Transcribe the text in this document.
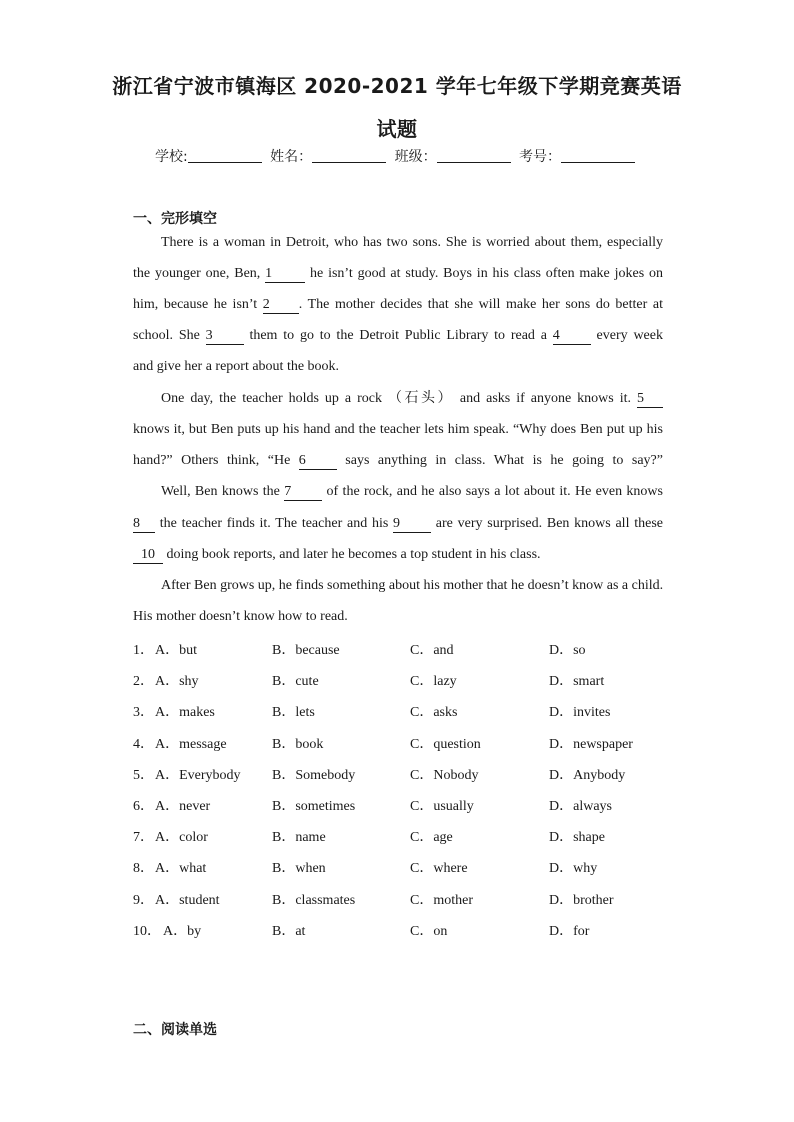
浙江省宁波市镇海区 2020-2021 学年七年级下学期竞赛英语
试题
学校:	姓名：	班级：	考号：
一、完形填空
There is a woman in Detroit, who has two sons. She is worried about them, especially
the younger one, Ben, 1 he isn’t good at study. Boys in his class often make jokes on
him, because he isn’t 2 . The mother decides that she will make her sons do better at
school. She 3 them to go to the Detroit Public Library to read a 4 every week
and give her a report about the book.
One day, the teacher holds up a rock （石头） and asks if anyone knows it. 5
knows it, but Ben puts up his hand and the teacher lets him speak. “Why does Ben put up his
hand?” Others think, “He 6 says anything in class. What is he going to say?”
Well, Ben knows the 7 of the rock, and he also says a lot about it. He even knows
8 the teacher finds it. The teacher and his 9 are very surprised. Ben knows all these
10 doing book reports, and later he becomes a top student in his class.
After Ben grows up, he finds something about his mother that he doesn’t know as a child.
His mother doesn’t know how to read.
1． A．but	B．because	C．and	D．so
2． A．shy	B．cute	C．lazy	D．smart
3． A．makes	B．lets	C．asks	D．invites
4． A．message	B．book	C．question	D．newspaper
5． A．Everybody B．Somebody	C．Nobody	D．Anybody
6． A．never	B．sometimes	C．usually	D．always
7． A．color	B．name	C．age	D．shape
8． A．what	B．when	C．where	D．why
9． A．student	B．classmates	C．mother	D．brother
10． A．by	B．at	C．on	D．for
二、阅读单选
